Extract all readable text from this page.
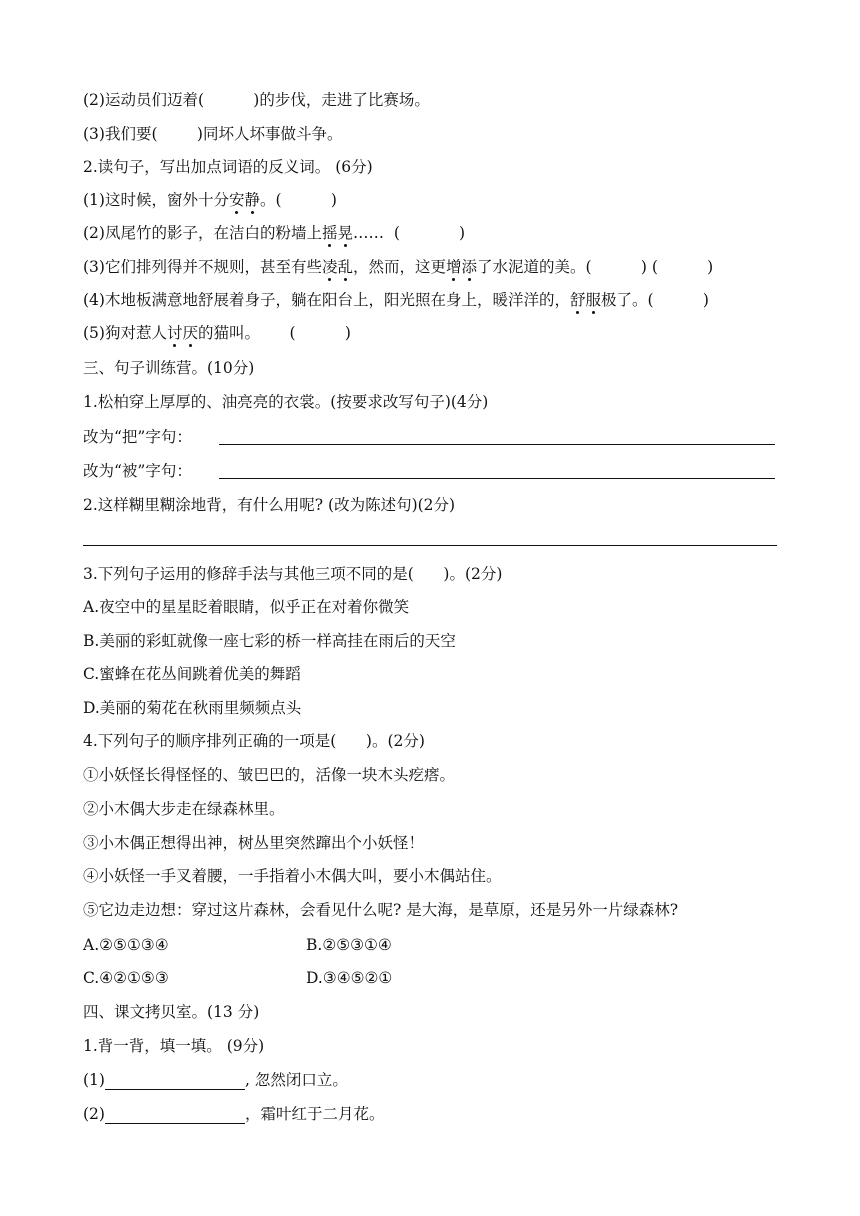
(2)运动员们迈着(          )的步伐，走进了比赛场。
(3)我们要(        )同坏人坏事做斗争。
2.读句子，写出加点词语的反义词。 (6分)
(1)这时候，窗外十分安静。(          )
(2)凤尾竹的影子，在洁白的粉墙上摇晃……  (            )
(3)它们排列得并不规则，甚至有些凌乱，然而，这更增添了水泥道的美。(          ) (          )
(4)木地板满意地舒展着身子，躺在阳台上，阳光照在身上，暖洋洋的，舒服极了。(          )
(5)狗对惹人讨厌的猫叫。      (          )
三、句子训练营。(10分)
1.松柏穿上厚厚的、油亮亮的衣裳。(按要求改写句子)(4分)
改为“把”字句：
改为“被”字句：
2.这样糊里糊涂地背，有什么用呢? (改为陈述句)(2分)
3.下列句子运用的修辞手法与其他三项不同的是(      )。(2分)
A.夜空中的星星眨着眼睛，似乎正在对着你微笑
B.美丽的彩虹就像一座七彩的桥一样高挂在雨后的天空
C.蜜蜂在花丛间跳着优美的舞蹈
D.美丽的菊花在秋雨里频频点头
4.下列句子的顺序排列正确的一项是(      )。(2分)
①小妖怪长得怪怪的、皱巴巴的，活像一块木头疙瘩。
②小木偶大步走在绿森林里。
③小木偶正想得出神，树丛里突然蹿出个小妖怪！
④小妖怪一手叉着腰，一手指着小木偶大叫，要小木偶站住。
⑤它边走边想：穿过这片森林，会看见什么呢? 是大海，是草原，还是另外一片绿森林?
A.②⑤①③④	B.②⑤③①④
C.④②①⑤③	D.③④⑤②①
四、课文拷贝室。(13 分)
1.背一背，填一填。 (9分)
(1)	, 忽然闭口立。
(2)	，霜叶红于二月花。
